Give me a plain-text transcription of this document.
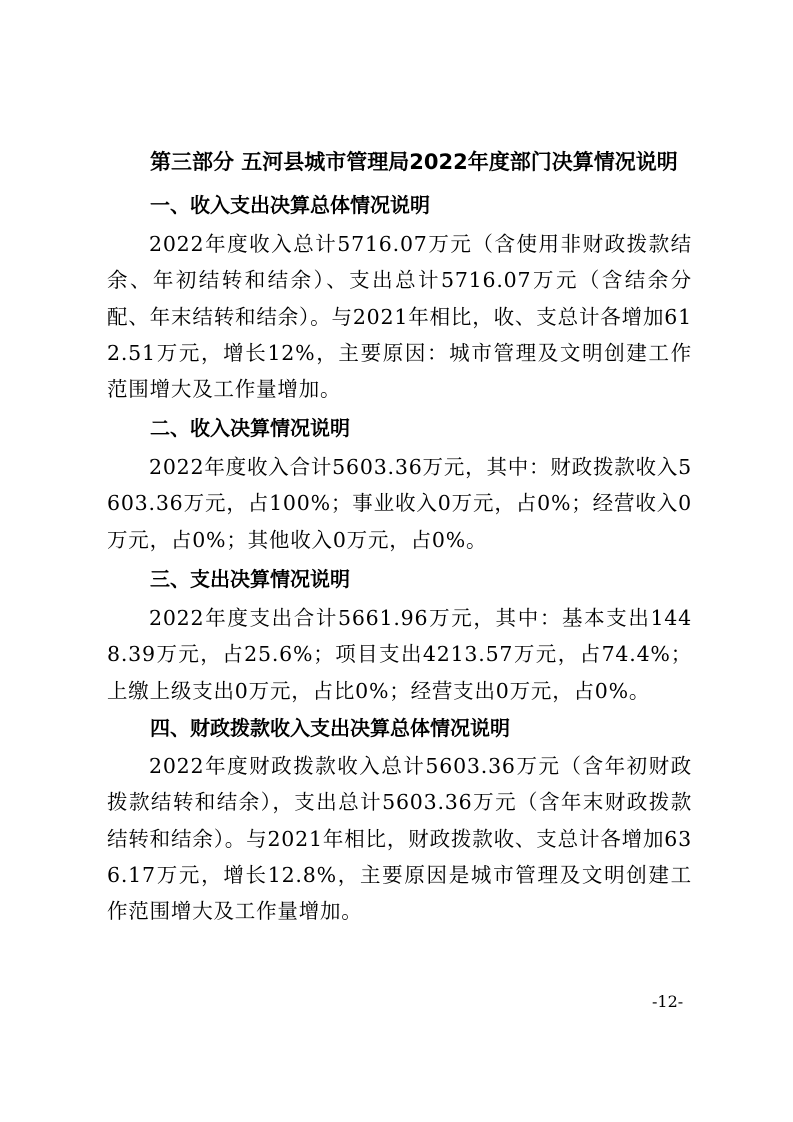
第三部分 五河县城市管理局2022年度部门决算情况说明
一、收入支出决算总体情况说明

2022年度收入总计5716.07万元（含使用非财政拨款结余、年初结转和结余）、支出总计5716.07万元（含结余分配、年末结转和结余）。与2021年相比，收、支总计各增加612.51万元，增长12%，主要原因：城市管理及文明创建工作范围增大及工作量增加。

二、收入决算情况说明

2022年度收入合计5603.36万元，其中：财政拨款收入5603.36万元，占100%；事业收入0万元，占0%；经营收入0万元，占0%；其他收入0万元，占0%。

三、支出决算情况说明

2022年度支出合计5661.96万元，其中：基本支出1448.39万元，占25.6%；项目支出4213.57万元，占74.4%；上缴上级支出0万元，占比0%；经营支出0万元，占0%。

四、财政拨款收入支出决算总体情况说明

2022年度财政拨款收入总计5603.36万元（含年初财政拨款结转和结余），支出总计5603.36万元（含年末财政拨款结转和结余）。与2021年相比，财政拨款收、支总计各增加636.17万元，增长12.8%，主要原因是城市管理及文明创建工作范围增大及工作量增加。

-12-
